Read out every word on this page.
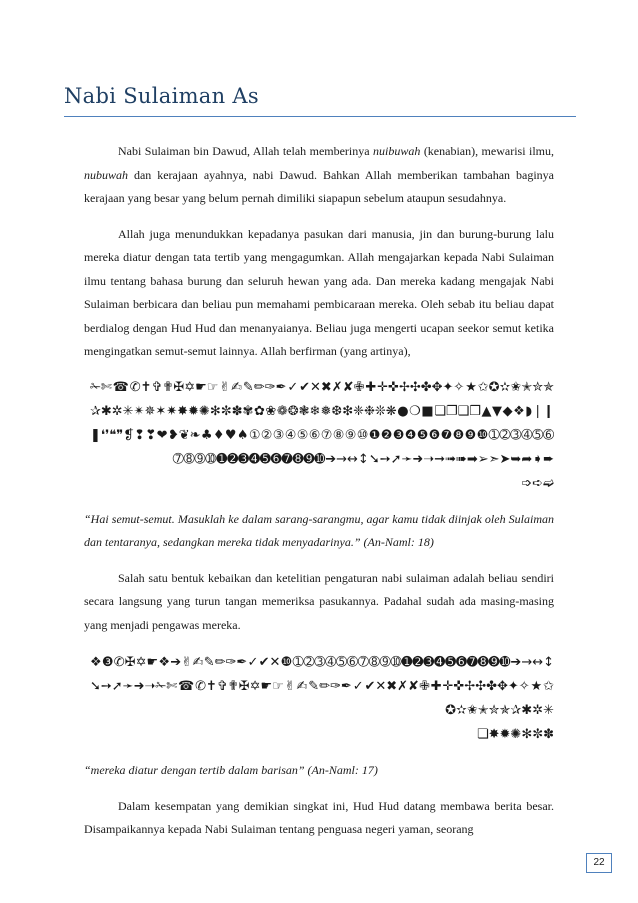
Nabi Sulaiman As

Nabi Sulaiman bin Dawud, Allah telah memberinya nuibuwah (kenabian), mewarisi ilmu, nubuwah dan kerajaan ayahnya, nabi Dawud. Bahkan Allah memberikan tambahan baginya kerajaan yang besar yang belum pernah dimiliki siapapun sebelum ataupun sesudahnya.

Allah juga menundukkan kepadanya pasukan dari manusia, jin dan burung-burung lalu mereka diatur dengan tata tertib yang mengagumkan. Allah mengajarkan kepada Nabi Sulaiman ilmu tentang bahasa burung dan seluruh hewan yang ada. Dan mereka kadang mengajak Nabi Sulaiman berbicara dan beliau pun memahami pembicaraan mereka. Oleh sebab itu beliau dapat berdialog dengan Hud Hud dan menanyaianya. Beliau juga mengerti ucapan seekor semut ketika mengingatkan semut-semut lainnya. Allah berfirman (yang artinya),

✁✄☎✆✝✞✟✠✡☛☞✌✍✎✏✑✒✓✔✕✖✗✘✙✚✛✜✢✣✤✥✦✧★✩✪✫✬✭✮✯✰✱✲✳✴✵✶✷✸✹✺✻✼✽✾✿❀❁❂❃❄❅❆❇❈❉❊❋●❍■❏❐❑❒▲▼◆❖◗❘❙❚❛❜❝❞❡❢❣❤❥❦❧♣♦♥♠①②③④⑤⑥⑦⑧⑨⑩❶❷❸❹❺❻❼❽❾❿➀➁➂➃➄➅➆➇➈➉➊➋➌➍➎➏➐➑➒➓➔→↔↕➘➙➚➛➜➝➞➟➠➡➢➣➤➥➦➧➨
➩➪➫

“Hai semut-semut. Masuklah ke dalam sarang-sarangmu, agar kamu tidak diinjak oleh Sulaiman dan tentaranya, sedangkan mereka tidak menyadarinya.” (An-Naml: 18)

Salah satu bentuk kebaikan dan ketelitian pengaturan nabi sulaiman adalah beliau sendiri secara langsung yang turun tangan memeriksa pasukannya. Padahal sudah ada masing-masing yang menjadi pengawas mereka.

❖❸✆✠✡☛❖➔✌✍✎✏✑✒✓✔✕❿➀➁➂➃➄➅➆➇➈➉➊➋➌➍➎➏➐➑➒➓➔→↔↕➘➙➚➛➜➝✁✄☎✆✝✞✟✠✡☛☞✌✍✎✏✑✒✓✔✕✖✗✘✙✚✛✜✢✣✤✥✦✧★✩✪✫✬✭✮✯✰✱✲✳
❏✸✹✺✻✼✽

“mereka diatur dengan tertib dalam barisan” (An-Naml: 17)

Dalam kesempatan yang demikian singkat ini, Hud Hud datang membawa berita besar. Disampaikannya kepada Nabi Sulaiman tentang penguasa negeri yaman, seorang

22
